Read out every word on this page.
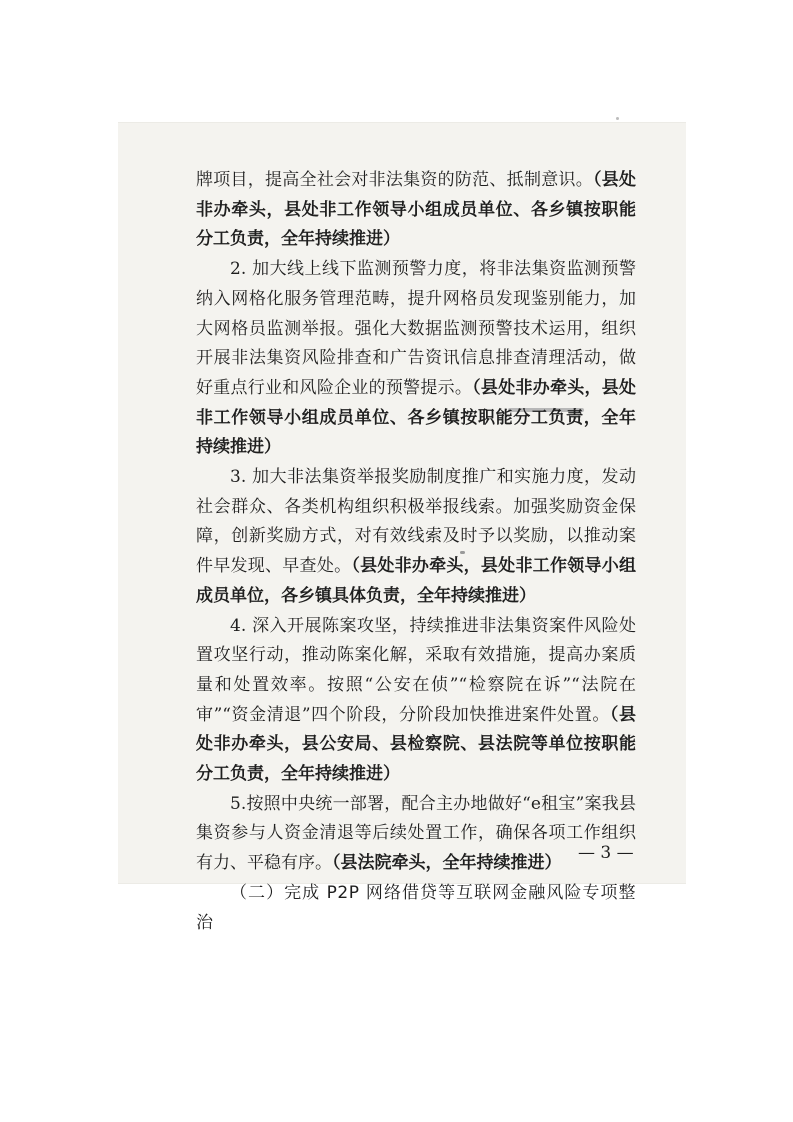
牌项目，提高全社会对非法集资的防范、抵制意识。（县处非办牵头，县处非工作领导小组成员单位、各乡镇按职能分工负责，全年持续推进）

2. 加大线上线下监测预警力度，将非法集资监测预警纳入网格化服务管理范畴，提升网格员发现鉴别能力，加大网格员监测举报。强化大数据监测预警技术运用，组织开展非法集资风险排查和广告资讯信息排查清理活动，做好重点行业和风险企业的预警提示。（县处非办牵头，县处非工作领导小组成员单位、各乡镇按职能分工负责，全年持续推进）

3. 加大非法集资举报奖励制度推广和实施力度，发动社会群众、各类机构组织积极举报线索。加强奖励资金保障，创新奖励方式，对有效线索及时予以奖励，以推动案件早发现、早查处。（县处非办牵头，县处非工作领导小组成员单位，各乡镇具体负责，全年持续推进）

4. 深入开展陈案攻坚，持续推进非法集资案件风险处置攻坚行动，推动陈案化解，采取有效措施，提高办案质量和处置效率。按照“公安在侦”“检察院在诉”“法院在审”“资金清退”四个阶段，分阶段加快推进案件处置。（县处非办牵头，县公安局、县检察院、县法院等单位按职能分工负责，全年持续推进）

5.按照中央统一部署，配合主办地做好“e租宝”案我县集资参与人资金清退等后续处置工作，确保各项工作组织有力、平稳有序。（县法院牵头，全年持续推进）

（二）完成 P2P 网络借贷等互联网金融风险专项整治

— 3 —
